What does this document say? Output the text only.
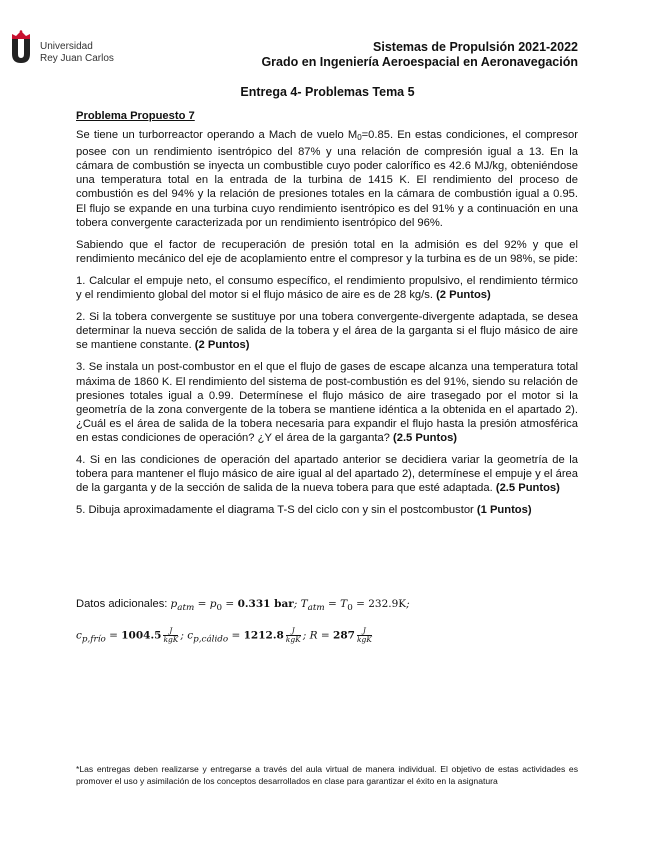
Universidad
Rey Juan Carlos
Sistemas de Propulsión 2021-2022
Grado en Ingeniería Aeroespacial en Aeronavegación
Entrega 4- Problemas Tema 5

Problema Propuesto 7

Se tiene un turborreactor operando a Mach de vuelo $M_0=0.85$. En estas condiciones, el compresor posee con un rendimiento isentrópico del 87% y una relación de compresión igual a 13. En la cámara de combustión se inyecta un combustible cuyo poder calorífico es 42.6 MJ/kg, obteniéndose una temperatura total en la entrada de la turbina de 1415 K. El rendimiento del proceso de combustión es del 94% y la relación de presiones totales en la cámara de combustión igual a 0.95. El flujo se expande en una turbina cuyo rendimiento isentrópico es del 91% y a continuación en una tobera convergente caracterizada por un rendimiento isentrópico del 96%.

Sabiendo que el factor de recuperación de presión total en la admisión es del 92% y que el rendimiento mecánico del eje de acoplamiento entre el compresor y la turbina es de un 98%, se pide:

1. Calcular el empuje neto, el consumo específico, el rendimiento propulsivo, el rendimiento térmico y el rendimiento global del motor si el flujo másico de aire es de 28 kg/s. (2 Puntos)

2. Si la tobera convergente se sustituye por una tobera convergente-divergente adaptada, se desea determinar la nueva sección de salida de la tobera y el área de la garganta si el flujo másico de aire se mantiene constante. (2 Puntos)

3. Se instala un post-combustor en el que el flujo de gases de escape alcanza una temperatura total máxima de 1860 K. El rendimiento del sistema de post-combustión es del 91%, siendo su relación de presiones totales igual a 0.99. Determínese el flujo másico de aire trasegado por el motor si la geometría de la zona convergente de la tobera se mantiene idéntica a la obtenida en el apartado 2). ¿Cuál es el área de salida de la tobera necesaria para expandir el flujo hasta la presión atmosférica en estas condiciones de operación? ¿Y el área de la garganta? (2.5 Puntos)

4. Si en las condiciones de operación del apartado anterior se decidiera variar la geometría de la tobera para mantener el flujo másico de aire igual al del apartado 2), determínese el empuje y el área de la garganta y de la sección de salida de la nueva tobera para que esté adaptada. (2.5 Puntos)

5. Dibuja aproximadamente el diagrama T-S del ciclo con y sin el postcombustor (1 Puntos)

Datos adicionales: $p_{atm} = p_0 = 0.331$ bar; $T_{atm} = T_0 = 232.9K$;
$c_{p,frío} = 1004.5 \frac{J}{\text{kgK}}$ ; $c_{p,cálido} = 1212.8 \frac{J}{\text{kgK}}$ ; $R = 287 \frac{J}{\text{kgK}}$
*Las entregas deben realizarse y entregarse a través del aula virtual de manera individual. El objetivo de estas actividades es promover el uso y asimilación de los conceptos desarrollados en clase para garantizar el éxito en la asignatura
